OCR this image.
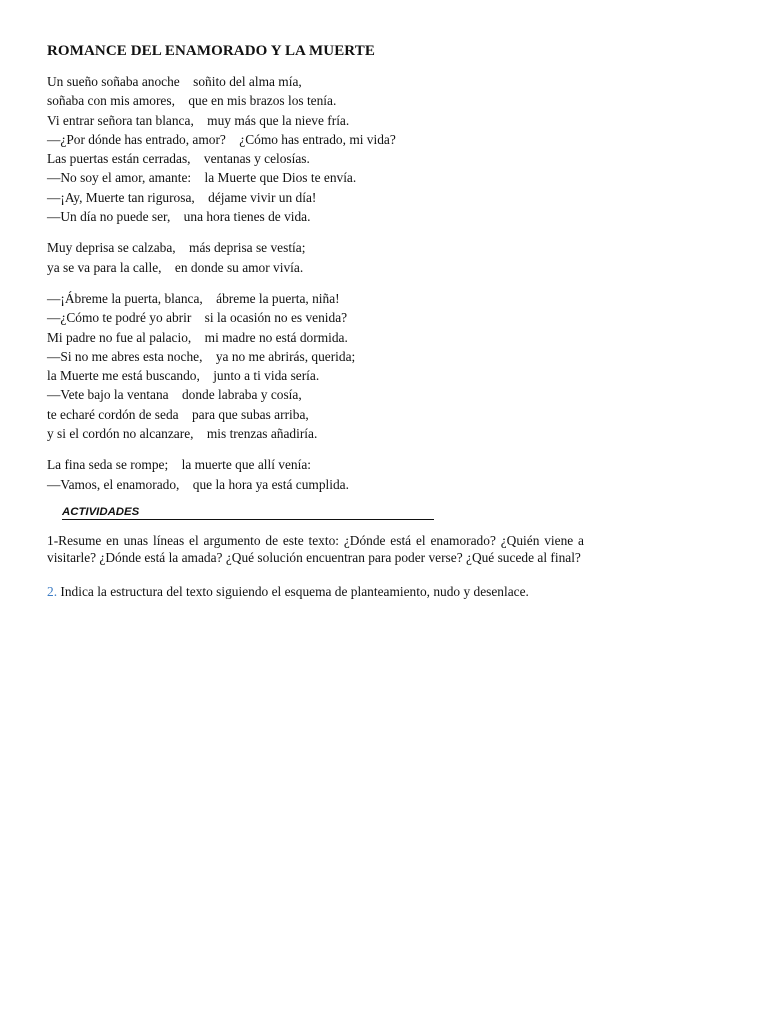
ROMANCE DEL ENAMORADO Y LA MUERTE
Un sueño soñaba anoche    soñito del alma mía,
soñaba con mis amores,    que en mis brazos los tenía.
Vi entrar señora tan blanca,    muy más que la nieve fría.
—¿Por dónde has entrado, amor?    ¿Cómo has entrado, mi vida?
Las puertas están cerradas,    ventanas y celosías.
—No soy el amor, amante:    la Muerte que Dios te envía.
—¡Ay, Muerte tan rigurosa,    déjame vivir un día!
—Un día no puede ser,    una hora tienes de vida.
Muy deprisa se calzaba,    más deprisa se vestía;
ya se va para la calle,    en donde su amor vivía.
—¡Ábreme la puerta, blanca,    ábreme la puerta, niña!
—¿Cómo te podré yo abrir    si la ocasión no es venida?
Mi padre no fue al palacio,    mi madre no está dormida.
—Si no me abres esta noche,    ya no me abrirás, querida;
la Muerte me está buscando,    junto a ti vida sería.
—Vete bajo la ventana    donde labraba y cosía,
te echaré cordón de seda    para que subas arriba,
y si el cordón no alcanzare,    mis trenzas añadiría.
La fina seda se rompe;    la muerte que allí venía:
—Vamos, el enamorado,    que la hora ya está cumplida.
ACTIVIDADES
1-Resume en unas líneas el argumento de este texto: ¿Dónde está el enamorado? ¿Quién viene a visitarle? ¿Dónde está la amada? ¿Qué solución encuentran para poder verse? ¿Qué sucede al final?
2. Indica la estructura del texto siguiendo el esquema de planteamiento, nudo y desenlace.
